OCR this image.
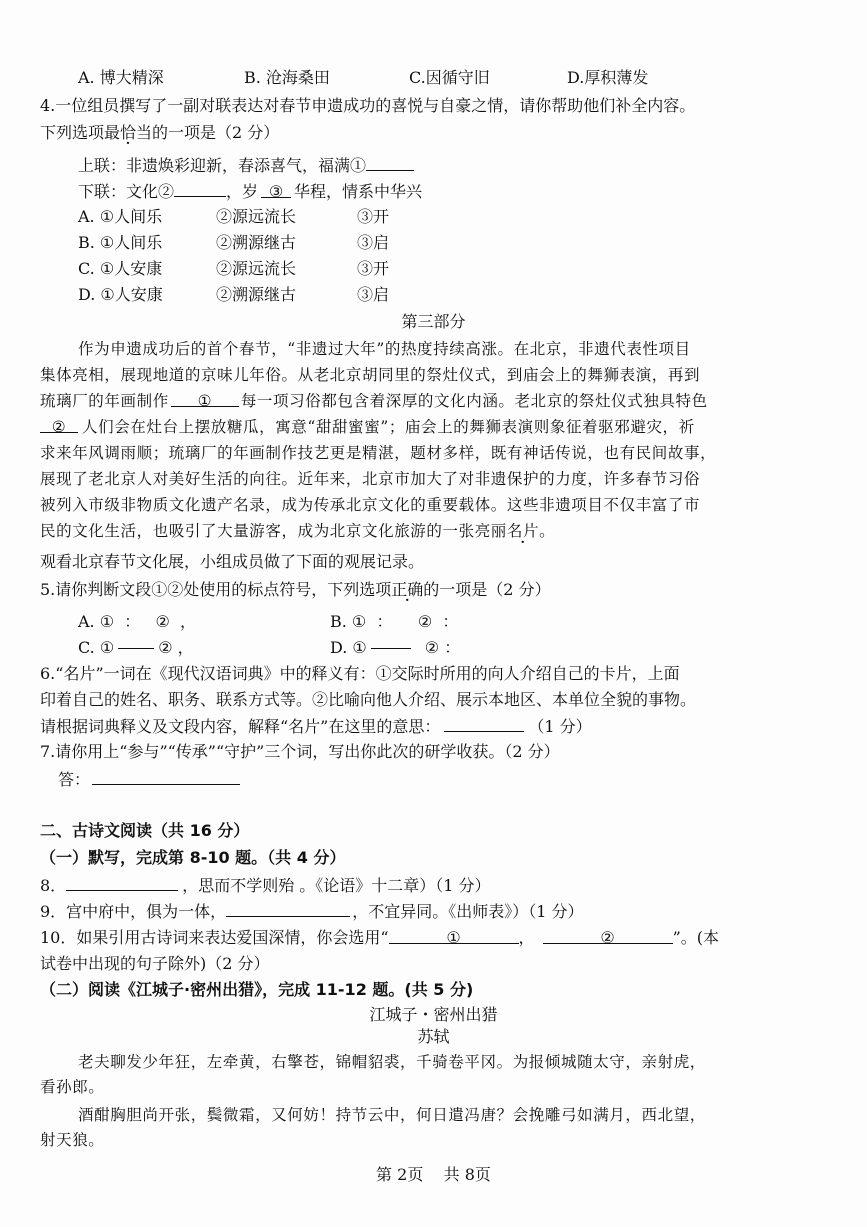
A. 博大精深	B. 沧海桑田	C.因循守旧	D.厚积薄发
4.一位组员撰写了一副对联表达对春节申遗成功的喜悦与自豪之情，请你帮助他们补全内容。
下列选项最恰当的一项是（2 分）
上联：非遗焕彩迎新，春添喜气，福满①
下联：文化②	，岁 ③ 华程，情系中华兴
A. ①人间乐	②源远流长	③开
B. ①人间乐	②溯源继古	③启
C. ①人安康	②源远流长	③开
D. ①人安康	②溯源继古	③启
第三部分
作为申遗成功后的首个春节，“非遗过大年”的热度持续高涨。在北京，非遗代表性项目
集体亮相，展现地道的京味儿年俗。从老北京胡同里的祭灶仪式，到庙会上的舞狮表演，再到
琉璃厂的年画制作 ① 每一项习俗都包含着深厚的文化内涵。老北京的祭灶仪式独具特色
② 人们会在灶台上摆放糖瓜，寓意“甜甜蜜蜜”；庙会上的舞狮表演则象征着驱邪避灾，祈
求来年风调雨顺；琉璃厂的年画制作技艺更是精湛，题材多样，既有神话传说，也有民间故事，
展现了老北京人对美好生活的向往。近年来，北京市加大了对非遗保护的力度，许多春节习俗
被列入市级非物质文化遗产名录，成为传承北京文化的重要载体。这些非遗项目不仅丰富了市
民的文化生活，也吸引了大量游客，成为北京文化旅游的一张亮丽名片。
观看北京春节文化展，小组成员做了下面的观展记录。
5.请你判断文段①②处使用的标点符号，下列选项正确的一项是（2 分）
A. ①  ：   ②  ，	B. ①  ：     ②  ：
C. ①	② ，	D. ①	② ：
6.“名片”一词在《现代汉语词典》中的释义有：①交际时所用的向人介绍自己的卡片，上面
印着自己的姓名、职务、联系方式等。②比喻向他人介绍、展示本地区、本单位全貌的事物。
请根据词典释义及文段内容，解释“名片”在这里的意思：	（1 分）
7.请你用上“参与”“传承”“守护”三个词，写出你此次的研学收获。（2 分）
答：
二、古诗文阅读（共 16 分）
（一）默写，完成第 8-10 题。（共 4 分）
8．	，思而不学则殆 。《论语》十二章）（1 分）
9．宫中府中，俱为一体，	，不宜异同。《出师表》）（1 分）
10．如果引用古诗词来表达爱国深情，你会选用“	①	，	②	”。(本
试卷中出现的句子除外)（2 分）
（二）阅读《江城子·密州出猎》，完成 11-12 题。(共 5 分)
江城子・密州出猎
苏轼
老夫聊发少年狂，左牵黄，右擎苍，锦帽貂裘，千骑卷平冈。为报倾城随太守，亲射虎，
看孙郎。
酒酣胸胆尚开张，鬓微霜，又何妨！持节云中，何日遣冯唐？会挽雕弓如满月，西北望，
射天狼。
第 2页    共 8页
